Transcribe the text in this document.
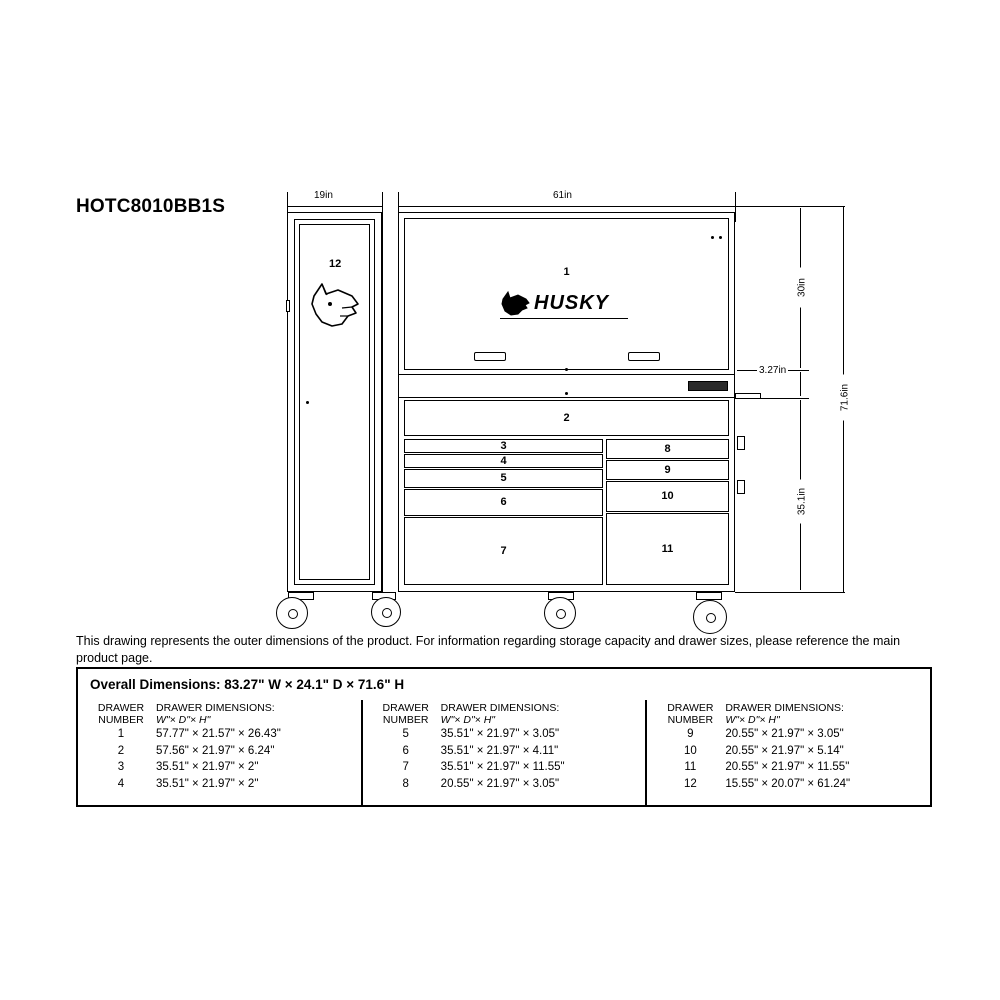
HOTC8010BB1S
19in	61in
30in
3.27in
35.1in
71.6in
12
1
HUSKY
2
3
4
5
6
7
8
9
10
11
This drawing represents the outer dimensions of the product. For information regarding storage capacity and drawer sizes, please reference the main product page.
Overall Dimensions: 83.27" W × 24.1" D × 71.6" H
DRAWER
NUMBER
DRAWER DIMENSIONS:
W"× D"× H"
1	57.77" × 21.57" × 26.43"
2	57.56" × 21.97" × 6.24"
3	35.51" × 21.97" × 2"
4	35.51" × 21.97" × 2"
DRAWER
NUMBER
DRAWER DIMENSIONS:
W"× D"× H"
5	35.51" × 21.97" × 3.05"
6	35.51" × 21.97" × 4.11"
7	35.51" × 21.97" × 11.55"
8	20.55" × 21.97" × 3.05"
DRAWER
NUMBER
DRAWER DIMENSIONS:
W"× D"× H"
9	20.55" × 21.97" × 3.05"
10	20.55" × 21.97" × 5.14"
11	20.55" × 21.97" × 11.55"
12	15.55" × 20.07" × 61.24"
